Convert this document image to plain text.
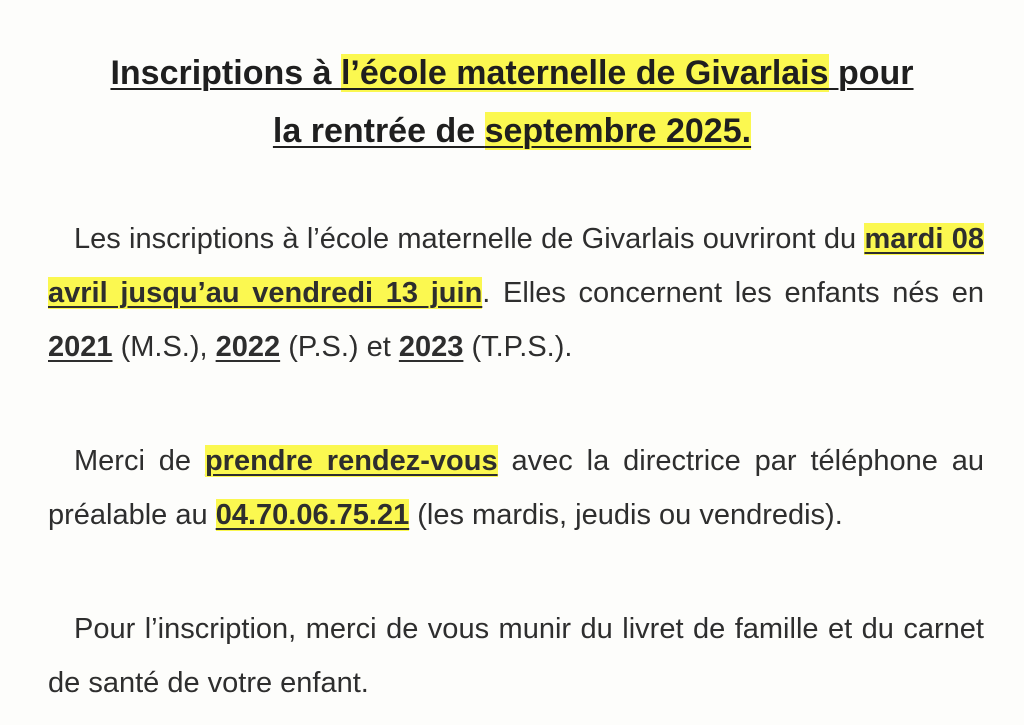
Inscriptions à l’école maternelle de Givarlais pour
la rentrée de septembre 2025.

Les inscriptions à l’école maternelle de Givarlais ouvriront du mardi 08 avril jusqu’au vendredi 13 juin. Elles concernent les enfants nés en 2021 (M.S.), 2022 (P.S.) et 2023 (T.P.S.).

Merci de prendre rendez-vous avec la directrice par téléphone au préalable au 04.70.06.75.21 (les mardis, jeudis ou vendredis).

Pour l’inscription, merci de vous munir du livret de famille et du carnet de santé de votre enfant.
